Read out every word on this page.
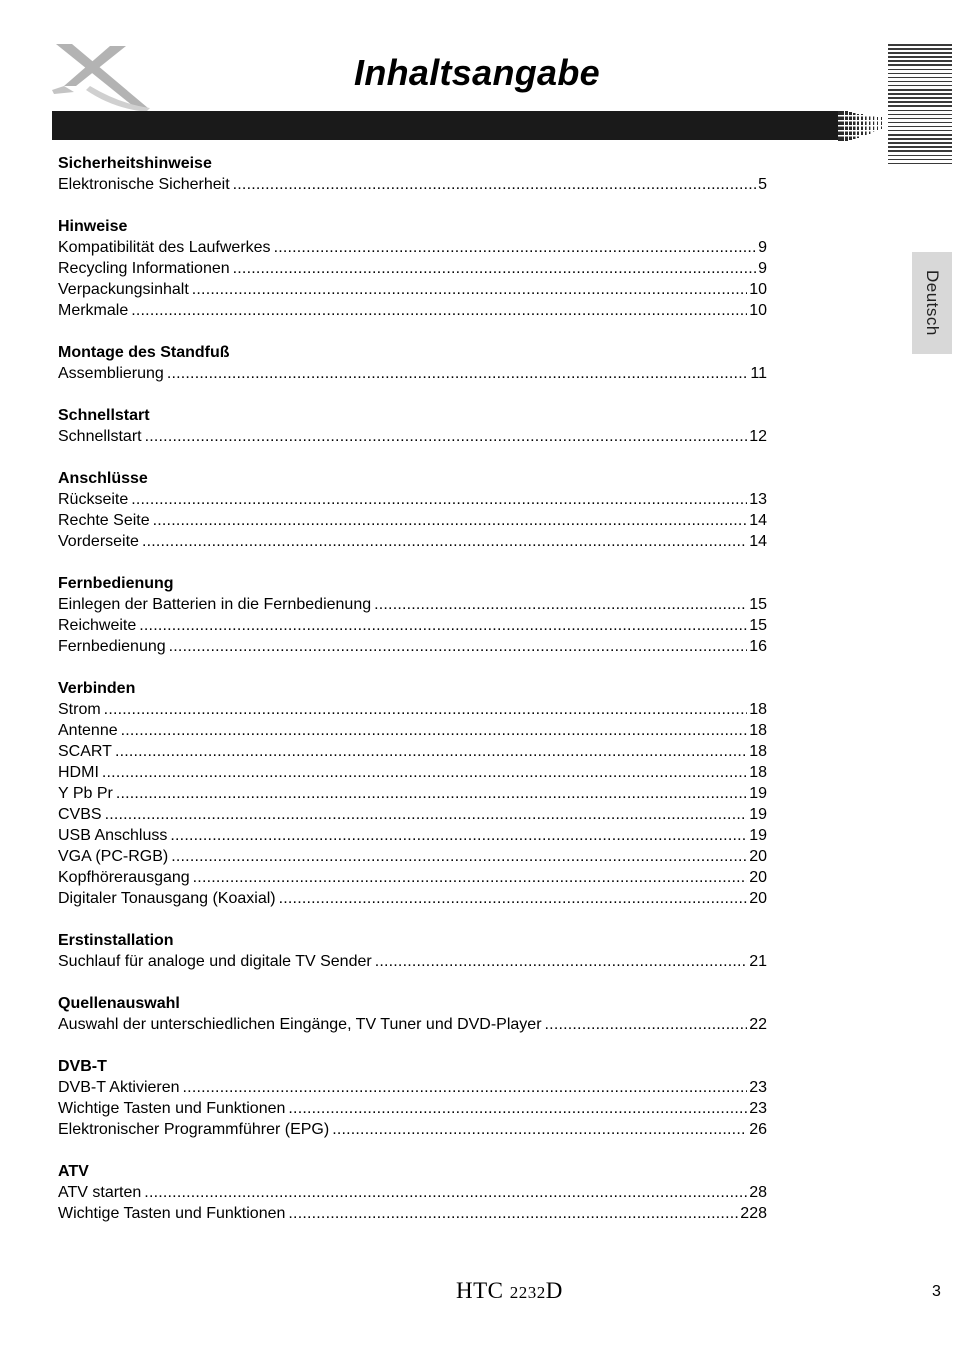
Inhaltsangabe
Deutsch
Sicherheitshinweise
Elektronische Sicherheit .....	5
Hinweise
Kompatibilität des Laufwerkes .....	9
Recycling Informationen .....	9
Verpackungsinhalt .....	10
Merkmale .....	10
Montage des Standfuß
Assemblierung .....	11
Schnellstart
Schnellstart .....	12
Anschlüsse
Rückseite .....	13
Rechte Seite .....	14
Vorderseite .....	14
Fernbedienung
Einlegen der Batterien in die Fernbedienung .....	15
Reichweite .....	15
Fernbedienung .....	16
Verbinden
Strom .....	18
Antenne .....	18
SCART .....	18
HDMI .....	18
Y Pb Pr .....	19
CVBS .....	19
USB Anschluss .....	19
VGA (PC-RGB) .....	20
Kopfhörerausgang .....	20
Digitaler Tonausgang (Koaxial) .....	20
Erstinstallation
Suchlauf für analoge und digitale TV Sender .....	21
Quellenauswahl
Auswahl der unterschiedlichen Eingänge, TV Tuner und DVD-Player .....	22
DVB-T
DVB-T Aktivieren .....	23
Wichtige Tasten und Funktionen .....	23
Elektronischer Programmführer (EPG) .....	26
ATV
ATV starten .....	28
Wichtige Tasten und Funktionen .....	228
HTC 2232D	3
